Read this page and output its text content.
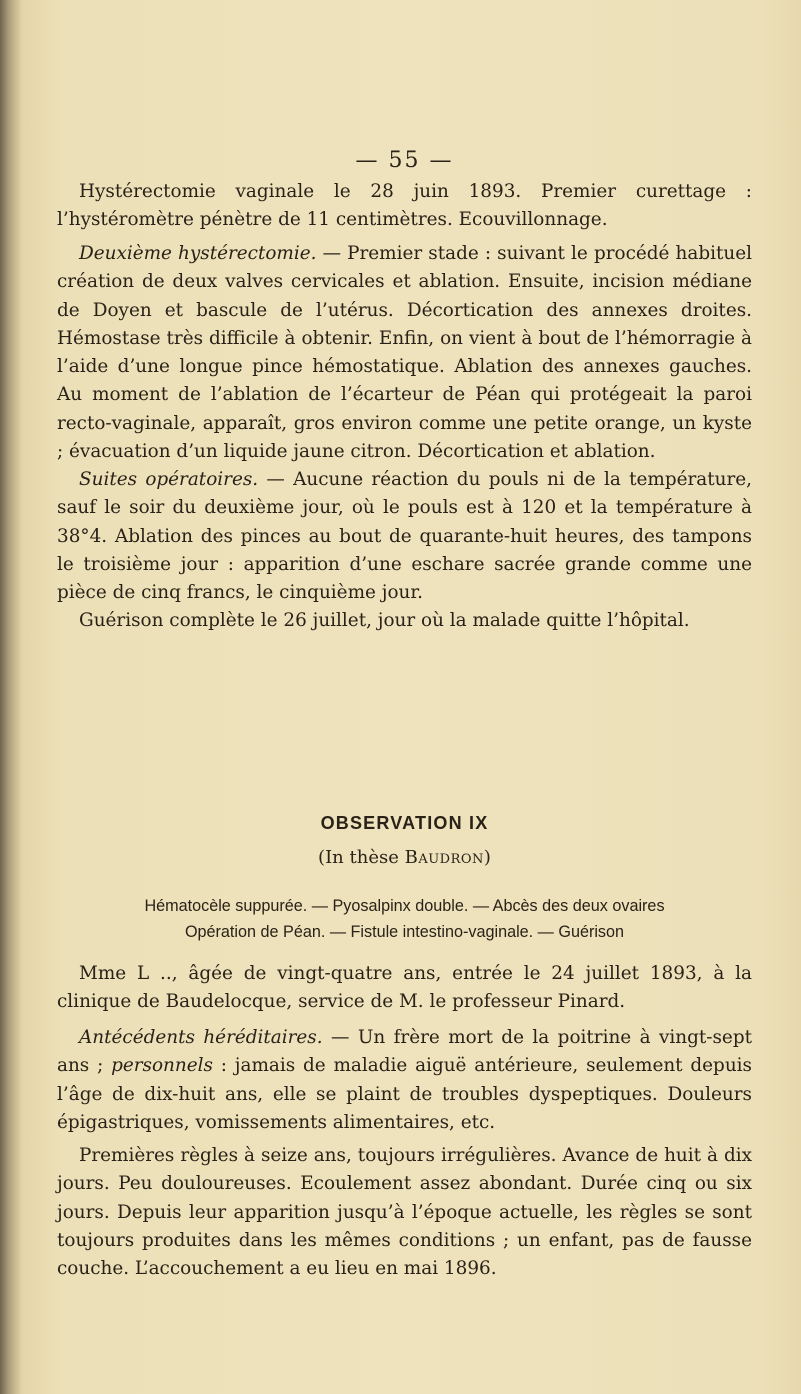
— 55 —

Hystérectomie vaginale le 28 juin 1893. Premier curettage : l’hystéromètre pénètre de 11 centimètres. Ecouvillonnage.

Deuxième hystérectomie. — Premier stade : suivant le procédé habituel création de deux valves cervicales et ablation. Ensuite, incision médiane de Doyen et bascule de l’utérus. Décortication des annexes droites. Hémostase très difficile à obtenir. Enfin, on vient à bout de l’hémorragie à l’aide d’une longue pince hémostatique. Ablation des annexes gauches. Au moment de l’ablation de l’écarteur de Péan qui protégeait la paroi recto-vaginale, apparaît, gros environ comme une petite orange, un kyste ; évacuation d’un liquide jaune citron. Décortication et ablation.

Suites opératoires. — Aucune réaction du pouls ni de la température, sauf le soir du deuxième jour, où le pouls est à 120 et la température à 38°4. Ablation des pinces au bout de quarante-huit heures, des tampons le troisième jour : apparition d’une eschare sacrée grande comme une pièce de cinq francs, le cinquième jour.

Guérison complète le 26 juillet, jour où la malade quitte l’hôpital.

OBSERVATION IX
(In thèse Baudron)
Hématocèle suppurée. — Pyosalpinx double. — Abcès des deux ovaires
Opération de Péan. — Fistule intestino-vaginale. — Guérison

Mme L .., âgée de vingt-quatre ans, entrée le 24 juillet 1893, à la clinique de Baudelocque, service de M. le professeur Pinard.

Antécédents héréditaires. — Un frère mort de la poitrine à vingt-sept ans ; personnels : jamais de maladie aiguë antérieure, seulement depuis l’âge de dix-huit ans, elle se plaint de troubles dyspeptiques. Douleurs épigastriques, vomissements alimentaires, etc.

Premières règles à seize ans, toujours irrégulières. Avance de huit à dix jours. Peu douloureuses. Ecoulement assez abondant. Durée cinq ou six jours. Depuis leur apparition jusqu’à l’époque actuelle, les règles se sont toujours produites dans les mêmes conditions ; un enfant, pas de fausse couche. L’accouchement a eu lieu en mai 1896.
